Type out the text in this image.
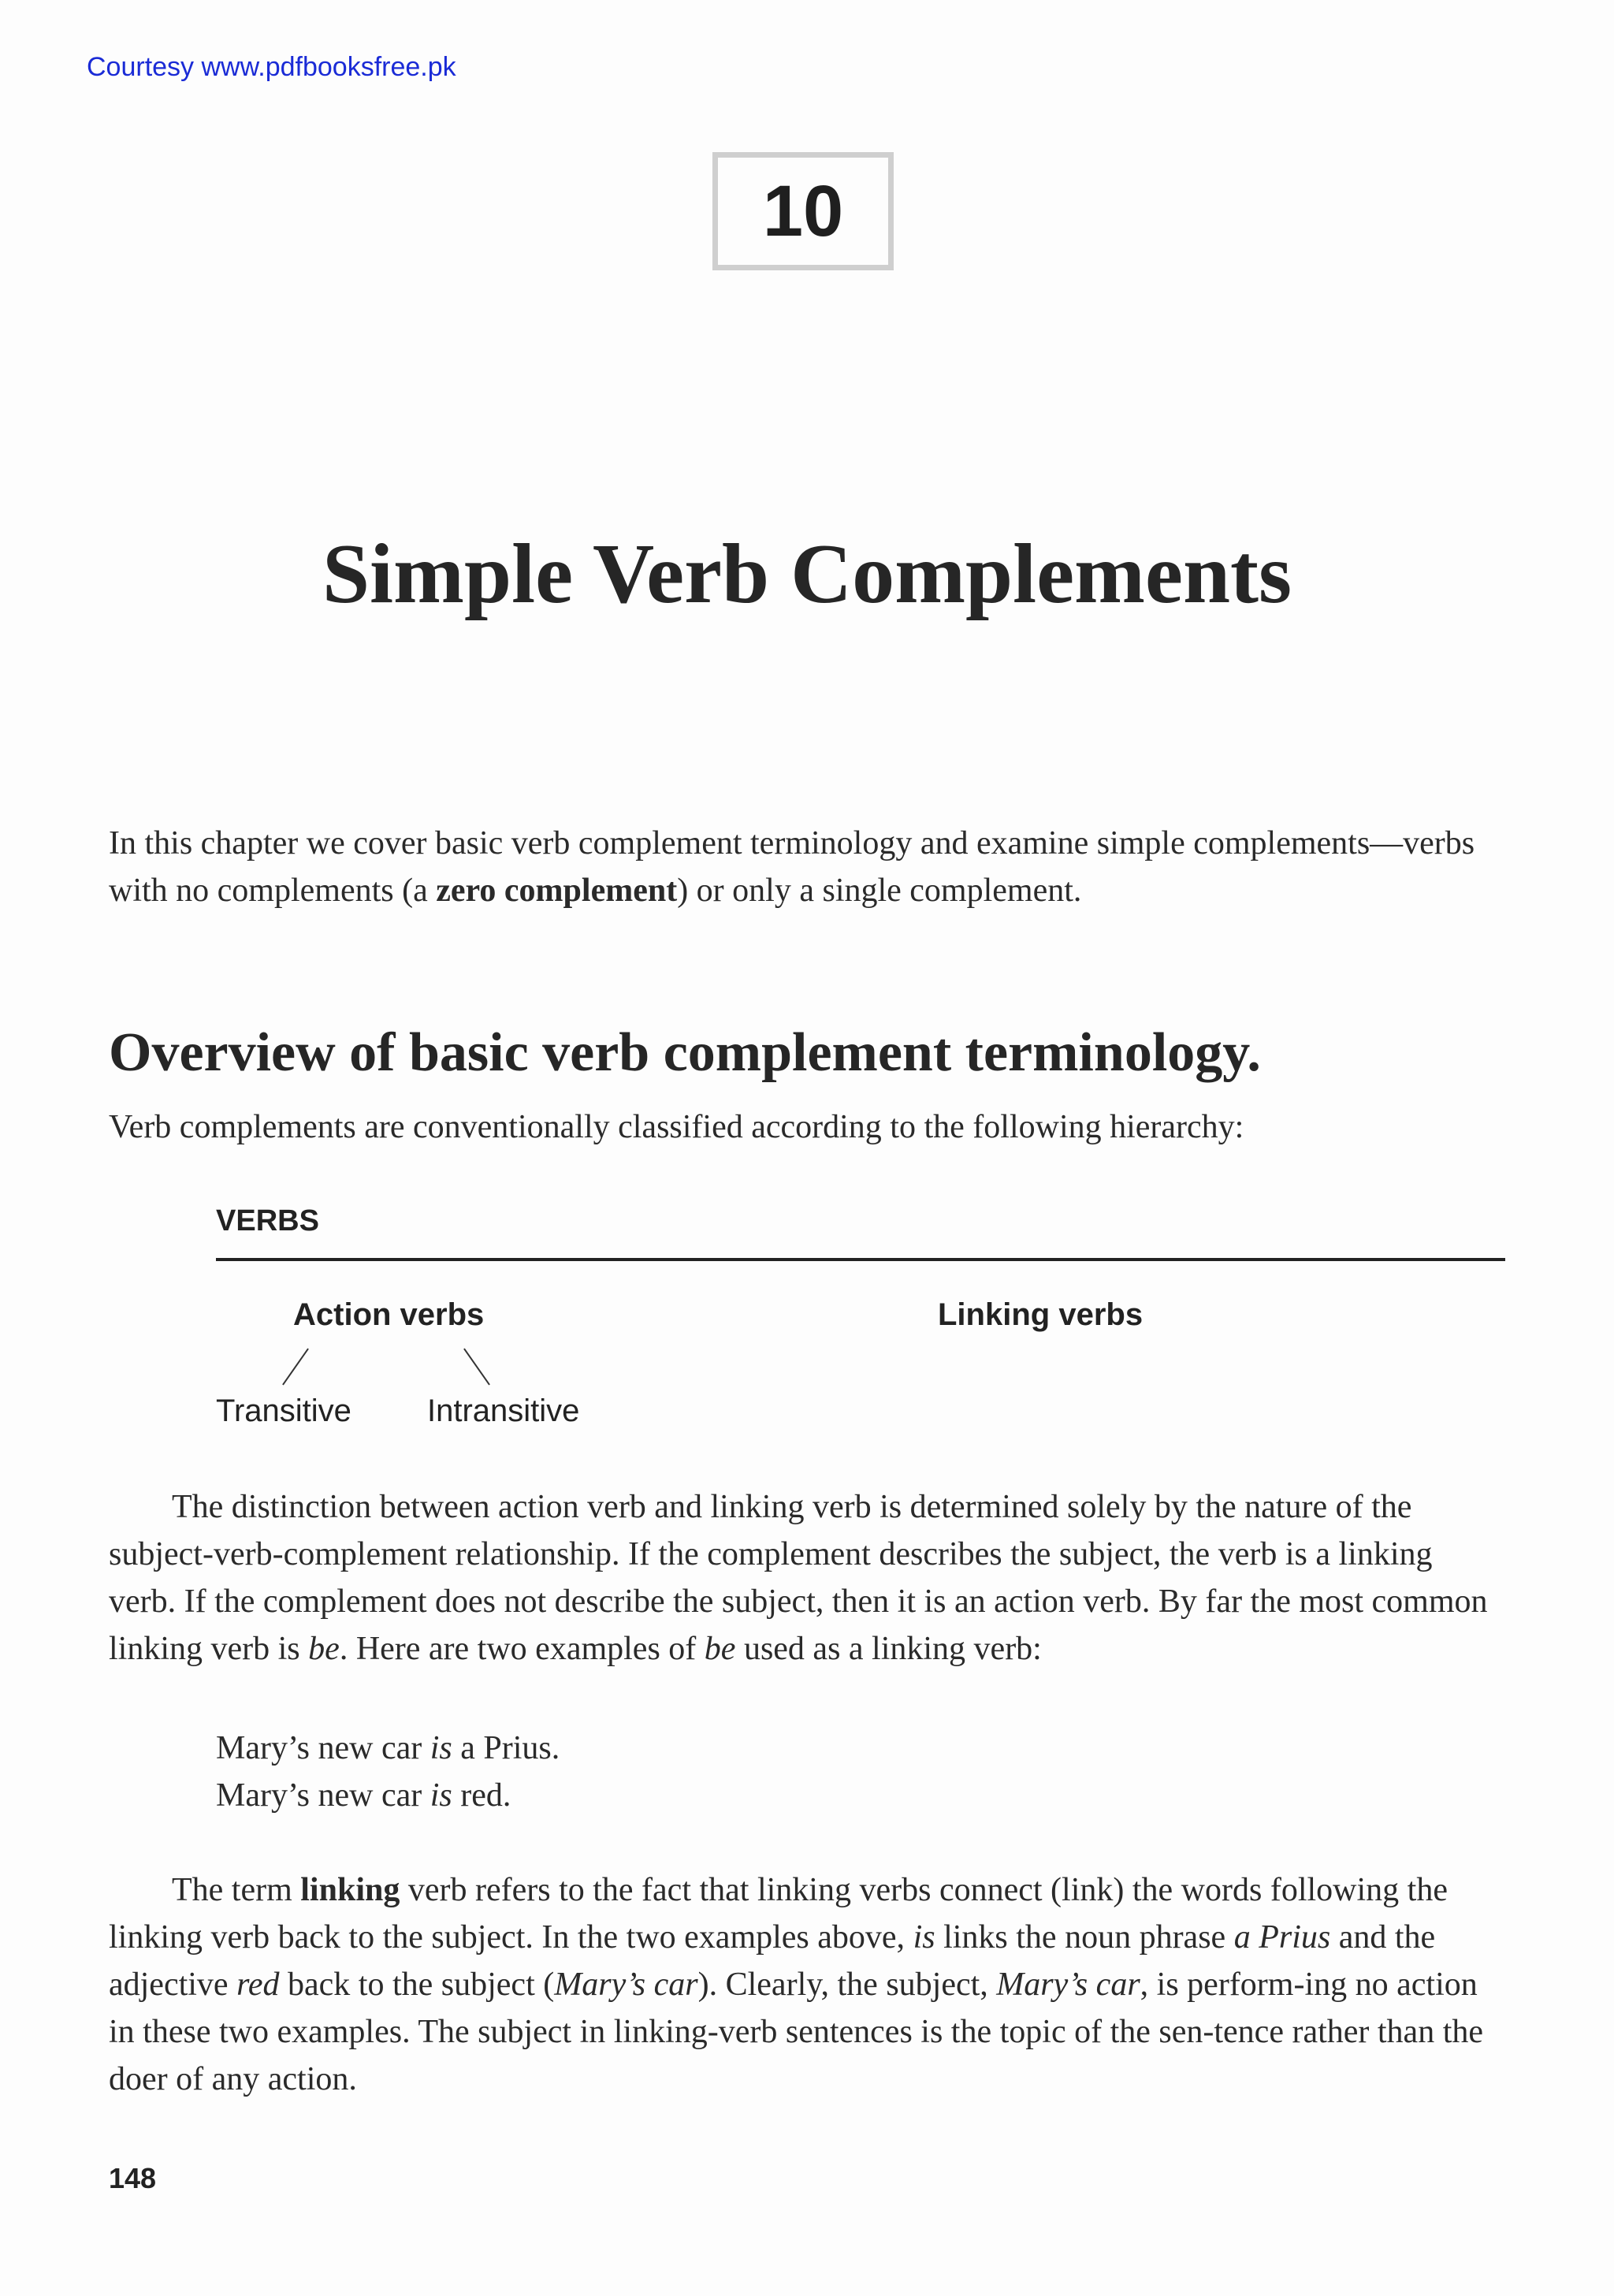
Courtesy www.pdfbooksfree.pk
10
Simple Verb Complements

In this chapter we cover basic verb complement terminology and examine simple complements—verbs with no complements (a zero complement) or only a single complement.

Overview of basic verb complement terminology.

Verb complements are conventionally classified according to the following hierarchy:

VERBS
Action verbs	Linking verbs
Transitive Intransitive

The distinction between action verb and linking verb is determined solely by the nature of the subject-verb-complement relationship. If the complement describes the subject, the verb is a linking verb. If the complement does not describe the subject, then it is an action verb. By far the most common linking verb is be. Here are two examples of be used as a linking verb:

Mary’s new car is a Prius.
Mary’s new car is red.

The term linking verb refers to the fact that linking verbs connect (link) the words following the linking verb back to the subject. In the two examples above, is links the noun phrase a Prius and the adjective red back to the subject (Mary’s car). Clearly, the subject, Mary’s car, is perform-ing no action in these two examples. The subject in linking-verb sentences is the topic of the sen-tence rather than the doer of any action.

148
